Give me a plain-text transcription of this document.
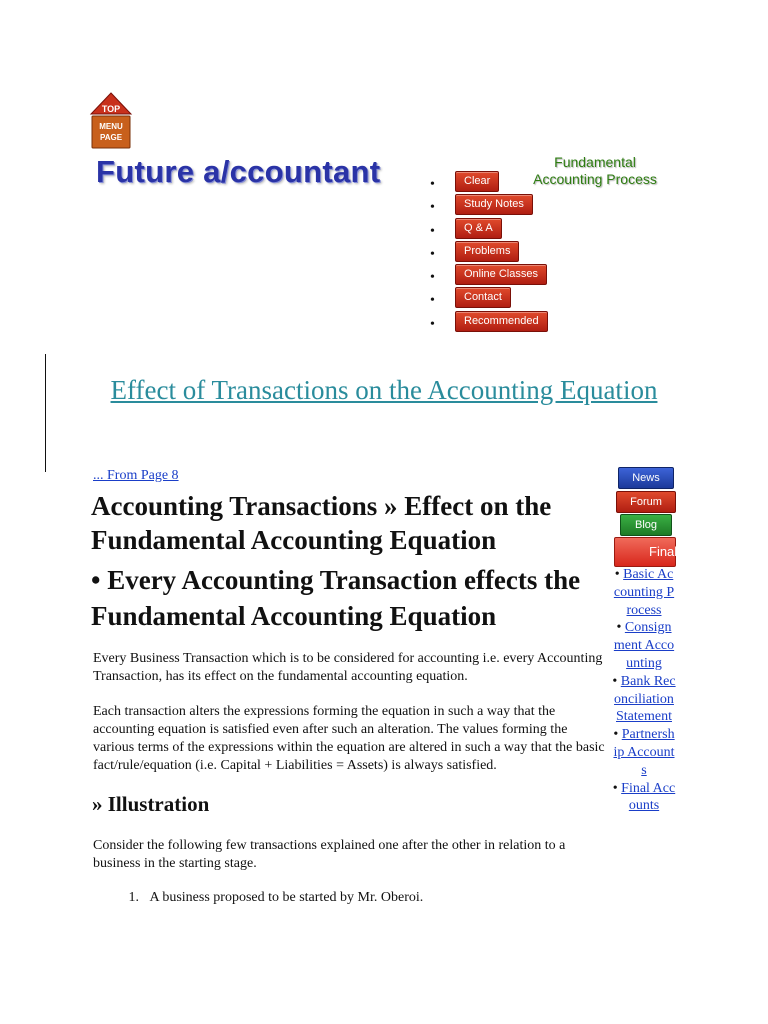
TOP
MENU
PAGE
Future a/ccountant	•	Clear
•	Study Notes
•	Q & A
•	Problems
•	Online Classes
•	Contact
•	Recommended
Fundamental Accounting Process
Effect of Transactions on the Accounting Equation
... From Page 8
Accounting Transactions » Effect on the Fundamental Accounting Equation
• Every Accounting Transaction effects the Fundamental Accounting Equation

Every Business Transaction which is to be considered for accounting i.e. every Accounting Transaction, has its effect on the fundamental accounting equation.

Each transaction alters the expressions forming the equation in such a way that the accounting equation is satisfied even after such an alteration. The values forming the various terms of the expressions within the equation are altered in such a way that the basic fact/rule/equation (i.e. Capital + Liabilities = Assets) is always satisfied.

» Illustration

Consider the following few transactions explained one after the other in relation to a business in the starting stage.

1. A business proposed to be started by Mr. Oberoi.
News
Forum
Blog
Final
• Basic Accounting Process
• Consignment Accounting
• Bank Reconciliation Statement
• Partnership Accounts
• Final Accounts
